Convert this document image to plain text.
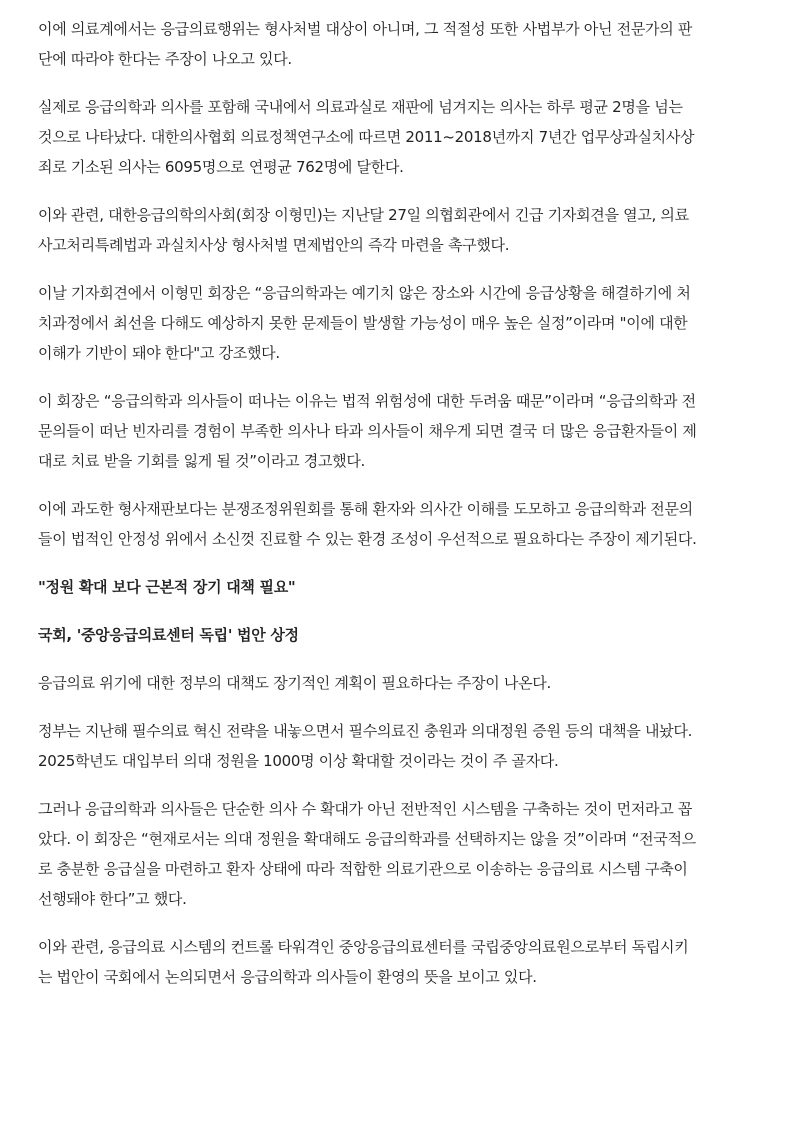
이에 의료계에서는 응급의료행위는 형사처벌 대상이 아니며, 그 적절성 또한 사법부가 아닌 전문가의 판
단에 따라야 한다는 주장이 나오고 있다.

실제로 응급의학과 의사를 포함해 국내에서 의료과실로 재판에 넘겨지는 의사는 하루 평균 2명을 넘는
것으로 나타났다. 대한의사협회 의료정책연구소에 따르면 2011~2018년까지 7년간 업무상과실치사상
죄로 기소된 의사는 6095명으로 연평균 762명에 달한다.

이와 관련, 대한응급의학의사회(회장 이형민)는 지난달 27일 의협회관에서 긴급 기자회견을 열고, 의료
사고처리특례법과 과실치사상 형사처벌 면제법안의 즉각 마련을 촉구했다.

이날 기자회견에서 이형민 회장은 “응급의학과는 예기치 않은 장소와 시간에 응급상황을 해결하기에 처
치과정에서 최선을 다해도 예상하지 못한 문제들이 발생할 가능성이 매우 높은 실정”이라며 "이에 대한
이해가 기반이 돼야 한다"고 강조했다.

이 회장은 “응급의학과 의사들이 떠나는 이유는 법적 위험성에 대한 두려움 때문”이라며 “응급의학과 전
문의들이 떠난 빈자리를 경험이 부족한 의사나 타과 의사들이 채우게 되면 결국 더 많은 응급환자들이 제
대로 치료 받을 기회를 잃게 될 것”이라고 경고했다.

이에 과도한 형사재판보다는 분쟁조정위원회를 통해 환자와 의사간 이해를 도모하고 응급의학과 전문의
들이 법적인 안정성 위에서 소신껏 진료할 수 있는 환경 조성이 우선적으로 필요하다는 주장이 제기된다.

"정원 확대 보다 근본적 장기 대책 필요"

국회, '중앙응급의료센터 독립' 법안 상정

응급의료 위기에 대한 정부의 대책도 장기적인 계획이 필요하다는 주장이 나온다.

정부는 지난해 필수의료 혁신 전략을 내놓으면서 필수의료진 충원과 의대정원 증원 등의 대책을 내놨다.
2025학년도 대입부터 의대 정원을 1000명 이상 확대할 것이라는 것이 주 골자다.

그러나 응급의학과 의사들은 단순한 의사 수 확대가 아닌 전반적인 시스템을 구축하는 것이 먼저라고 꼽
았다. 이 회장은 “현재로서는 의대 정원을 확대해도 응급의학과를 선택하지는 않을 것”이라며 “전국적으
로 충분한 응급실을 마련하고 환자 상태에 따라 적합한 의료기관으로 이송하는 응급의료 시스템 구축이
선행돼야 한다”고 했다.

이와 관련, 응급의료 시스템의 컨트롤 타워격인 중앙응급의료센터를 국립중앙의료원으로부터 독립시키
는 법안이 국회에서 논의되면서 응급의학과 의사들이 환영의 뜻을 보이고 있다.
